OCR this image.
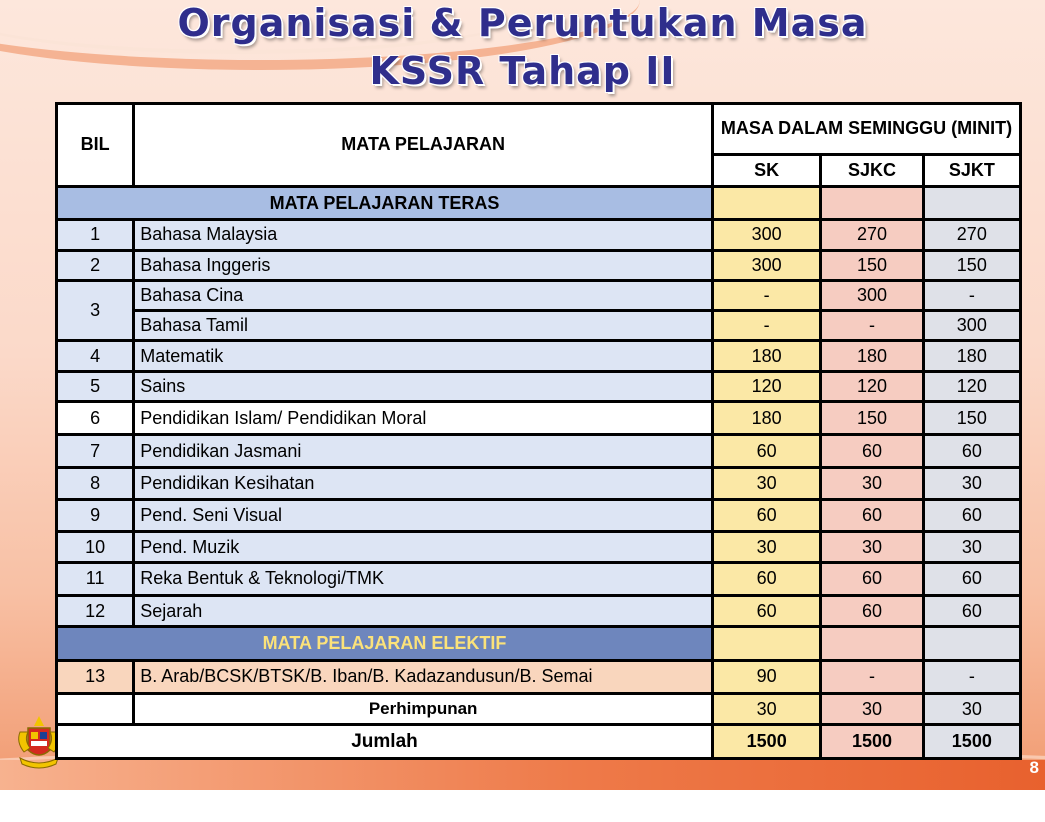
8
Organisasi & Peruntukan Masa
KSSR Tahap II
BIL	MATA PELAJARAN	MASA DALAM SEMINGGU (MINIT)		
		SK	SJKC	SJKT
MATA PELAJARAN TERAS				
1	Bahasa Malaysia	300	270	270
2	Bahasa Inggeris	300	150	150
3	Bahasa Cina	-	300	-
	Bahasa Tamil	-	-	300
4	Matematik	180	180	180
5	Sains	120	120	120
6	Pendidikan Islam/ Pendidikan Moral	180	150	150
7	Pendidikan Jasmani	60	60	60
8	Pendidikan Kesihatan	30	30	30
9	Pend. Seni Visual	60	60	60
10	Pend. Muzik	30	30	30
11	Reka Bentuk & Teknologi/TMK	60	60	60
12	Sejarah	60	60	60
MATA PELAJARAN ELEKTIF				
13	B. Arab/BCSK/BTSK/B. Iban/B. Kadazandusun/B. Semai	90	-	-
	Perhimpunan	30	30	30
Jumlah		1500	1500	1500
